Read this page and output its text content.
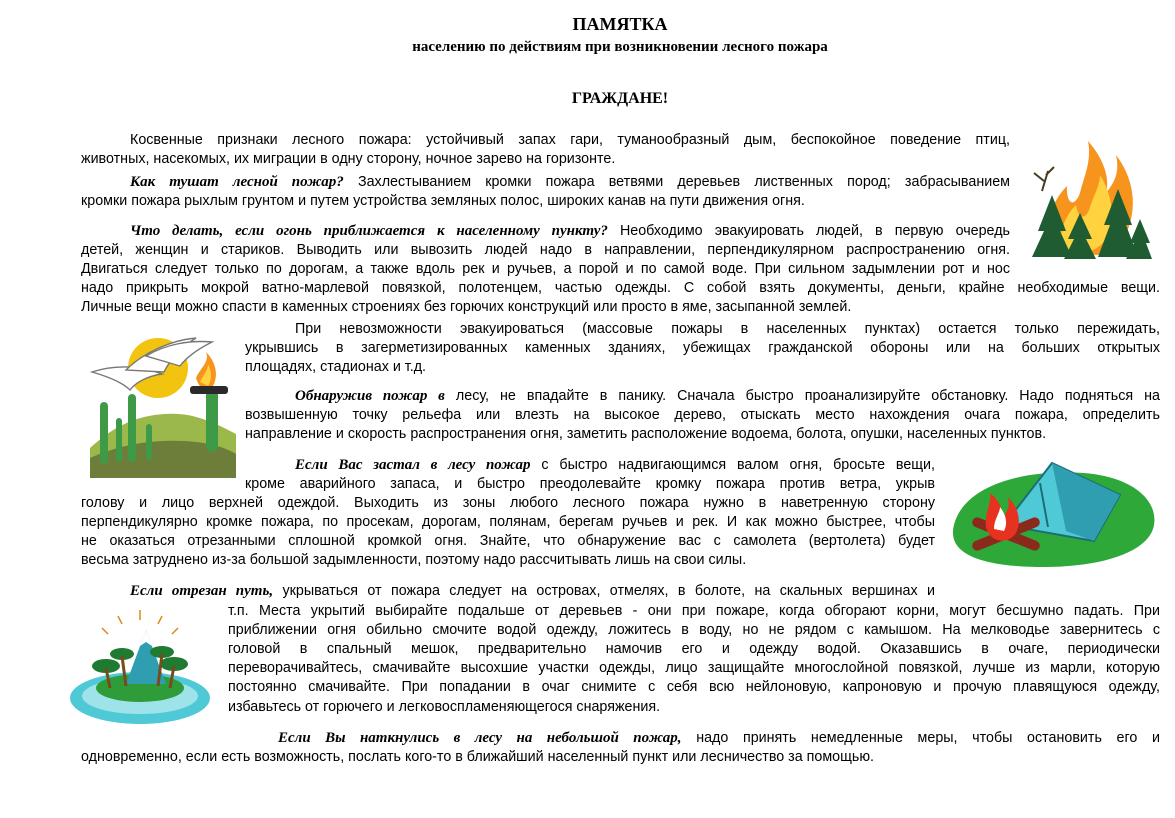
ПАМЯТКА
населению по действиям при возникновении лесного пожара
ГРАЖДАНЕ!
Косвенные признаки лесного пожара: устойчивый запах гари, туманообразный дым, беспокойное поведение птиц,
животных, насекомых, их миграции в одну сторону, ночное зарево на горизонте.
Как тушат лесной пожар? Захлестыванием кромки пожара ветвями деревьев лиственных пород; забрасыванием
кромки пожара рыхлым грунтом и путем устройства земляных полос, широких канав на пути движения огня.
Что делать, если огонь приближается к населенному пункту? Необходимо эвакуировать людей, в первую очередь
детей, женщин и стариков. Выводить или вывозить людей надо в направлении, перпендикулярном распространению огня.
Двигаться следует только по дорогам, а также вдоль рек и ручьев, а порой и по самой воде. При сильном задымлении рот и нос
надо прикрыть мокрой ватно-марлевой повязкой, полотенцем, частью одежды. С собой взять документы, деньги, крайне необходимые вещи.
Личные вещи можно спасти в каменных строениях без горючих конструкций или просто в яме, засыпанной землей.
При невозможности эвакуироваться (массовые пожары в населенных пунктах) остается только пережидать,
укрывшись в загерметизированных каменных зданиях, убежищах гражданской обороны или на больших открытых
площадях, стадионах и т.д.
Обнаружив пожар в лесу, не впадайте в панику. Сначала быстро проанализируйте обстановку. Надо подняться на
возвышенную точку рельефа или влезть на высокое дерево, отыскать место нахождения очага пожара, определить
направление и скорость распространения огня, заметить расположение водоема, болота, опушки, населенных пунктов.
Если Вас застал в лесу пожар с быстро надвигающимся валом огня, бросьте вещи,
кроме аварийного запаса, и быстро преодолевайте кромку пожара против ветра, укрыв
голову и лицо верхней одеждой. Выходить из зоны любого лесного пожара нужно в наветренную сторону
перпендикулярно кромке пожара, по просекам, дорогам, полянам, берегам ручьев и рек. И как можно быстрее, чтобы
не оказаться отрезанными сплошной кромкой огня. Знайте, что обнаружение вас с самолета (вертолета) будет
весьма затруднено из-за большой задымленности, поэтому надо рассчитывать лишь на свои силы.
Если отрезан путь, укрываться от пожара следует на островах, отмелях, в болоте, на скальных вершинах и
т.п. Места укрытий выбирайте подальше от деревьев - они при пожаре, когда обгорают корни, могут бесшумно падать. При
приближении огня обильно смочите водой одежду, ложитесь в воду, но не рядом с камышом. На мелководье завернитесь с
головой в спальный мешок, предварительно намочив его и одежду водой. Оказавшись в очаге, периодически
переворачивайтесь, смачивайте высохшие участки одежды, лицо защищайте многослойной повязкой, лучше из марли, которую
постоянно смачивайте. При попадании в очаг снимите с себя всю нейлоновую, капроновую и прочую плавящуюся одежду,
избавьтесь от горючего и легковоспламеняющегося снаряжения.
Если Вы наткнулись в лесу на небольшой пожар, надо принять немедленные меры, чтобы остановить его и
одновременно, если есть возможность, послать кого-то в ближайший населенный пункт или лесничество за помощью.
